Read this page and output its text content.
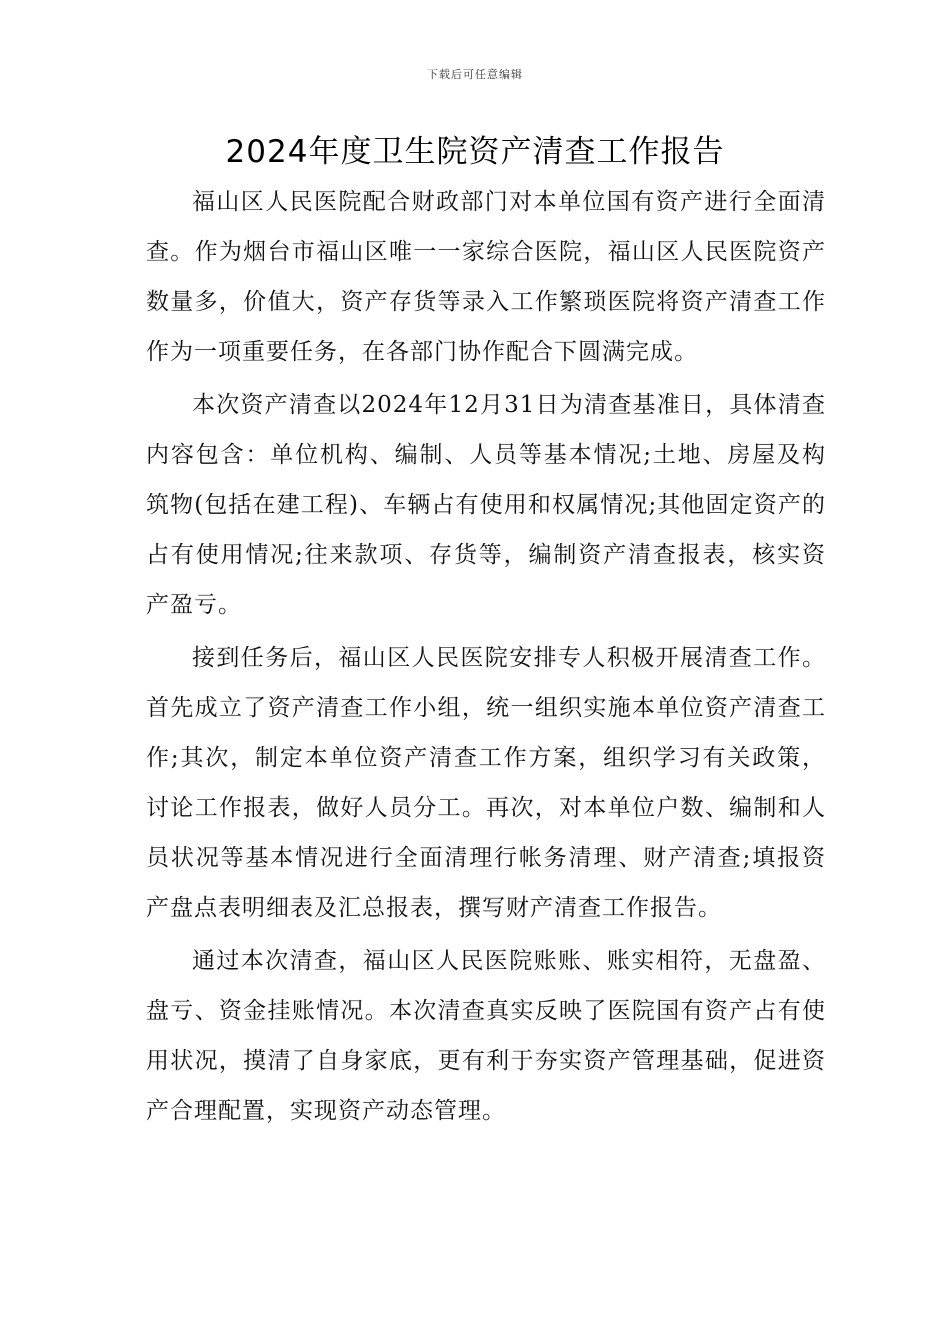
下载后可任意编辑
2024年度卫生院资产清查工作报告

福山区人民医院配合财政部门对本单位国有资产进行全面清查。作为烟台市福山区唯一一家综合医院，福山区人民医院资产数量多，价值大，资产存货等录入工作繁琐医院将资产清查工作作为一项重要任务，在各部门协作配合下圆满完成。

本次资产清查以2024年12月31日为清查基准日，具体清查内容包含：单位机构、编制、人员等基本情况;土地、房屋及构筑物(包括在建工程)、车辆占有使用和权属情况;其他固定资产的占有使用情况;往来款项、存货等，编制资产清查报表，核实资产盈亏。

接到任务后，福山区人民医院安排专人积极开展清查工作。首先成立了资产清查工作小组，统一组织实施本单位资产清查工作;其次，制定本单位资产清查工作方案，组织学习有关政策，讨论工作报表，做好人员分工。再次，对本单位户数、编制和人员状况等基本情况进行全面清理行帐务清理、财产清查;填报资产盘点表明细表及汇总报表，撰写财产清查工作报告。

通过本次清查，福山区人民医院账账、账实相符，无盘盈、盘亏、资金挂账情况。本次清查真实反映了医院国有资产占有使用状况，摸清了自身家底，更有利于夯实资产管理基础，促进资产合理配置，实现资产动态管理。
